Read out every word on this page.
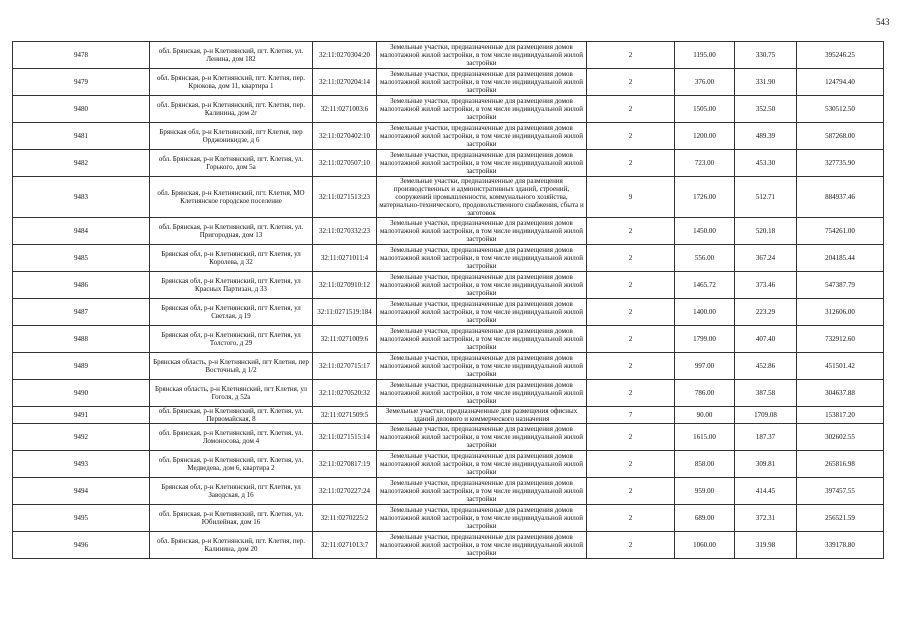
543
9478	обл. Брянская, р-н Клетнянский, пгт. Клетня, ул. Ленина, дом 182	32:11:0270304:20	Земельные участки, предназначенные для размещения домов малоэтажной жилой застройки, в том числе индивидуальной жилой застройки	2	1195.00	330.75	395246.25
9479	обл. Брянская, р-н Клетнянский, пгт. Клетня, пер. Крюкова, дом 11, квартира 1	32:11:0270204:14	Земельные участки, предназначенные для размещения домов малоэтажной жилой застройки, в том числе индивидуальной жилой застройки	2	376.00	331.90	124794.40
9480	обл. Брянская, р-н Клетнянский, пгт. Клетня, пер. Калинина, дом 2г	32:11:0271003:6	Земельные участки, предназначенные для размещения домов малоэтажной жилой застройки, в том числе индивидуальной жилой застройки	2	1505.00	352.50	530512.50
9481	Брянская обл, р-н Клетнянский, пгт Клетня, пер Орджоникидзе, д 6	32:11:0270402:10	Земельные участки, предназначенные для размещения домов малоэтажной жилой застройки, в том числе индивидуальной жилой застройки	2	1200.00	489.39	587268.00
9482	обл. Брянская, р-н Клетнянский, пгт. Клетня, ул. Горького, дом 5а	32:11:0270507:10	Земельные участки, предназначенные для размещения домов малоэтажной жилой застройки, в том числе индивидуальной жилой застройки	2	723.00	453.30	327735.90
9483	обл. Брянская, р-н Клетнянский, пгт. Клетня, МО Клетнянское городское поселение	32:11:0271513:23	Земельные участки, предназначенные для размещения производственных и административных зданий, строений, сооружений промышленности, коммунального хозяйства, материально-технического, продовольственного снабжения, сбыта и заготовок	9	1726.00	512.71	884937.46
9484	обл. Брянская, р-н Клетнянский, пгт. Клетня, ул. Пригородная, дом 13	32:11:0270332:23	Земельные участки, предназначенные для размещения домов малоэтажной жилой застройки, в том числе индивидуальной жилой застройки	2	1450.00	520.18	754261.00
9485	Брянская обл, р-н Клетнянский, пгт Клетня, ул Королева, д 32	32:11:0271011:4	Земельные участки, предназначенные для размещения домов малоэтажной жилой застройки, в том числе индивидуальной жилой застройки	2	556.00	367.24	204185.44
9486	Брянская обл, р-н Клетнянский, пгт Клетня, ул Красных Партизан, д 33	32:11:0270910:12	Земельные участки, предназначенные для размещения домов малоэтажной жилой застройки, в том числе индивидуальной жилой застройки	2	1465.72	373.46	547387.79
9487	Брянская обл, р-н Клетнянский, пгт Клетня, ул Светлая, д 19	32:11:0271519:184	Земельные участки, предназначенные для размещения домов малоэтажной жилой застройки, в том числе индивидуальной жилой застройки	2	1400.00	223.29	312606.00
9488	Брянская обл, р-н Клетнянский, пгт Клетня, ул Толстого, д 29	32:11:0271009:6	Земельные участки, предназначенные для размещения домов малоэтажной жилой застройки, в том числе индивидуальной жилой застройки	2	1799.00	407.40	732912.60
9489	Брянская область, р-н Клетнянский, пгт Клетня, пер Восточный, д 1/2	32:11:0270715:17	Земельные участки, предназначенные для размещения домов малоэтажной жилой застройки, в том числе индивидуальной жилой застройки	2	997.00	452.86	451501.42
9490	Брянская область, р-н Клетнянский, пгт Клетня, ул Гоголя, д 52а	32:11:0270520:32	Земельные участки, предназначенные для размещения домов малоэтажной жилой застройки, в том числе индивидуальной жилой застройки	2	786.00	387.58	304637.88
9491	обл. Брянская, р-н Клетнянский, пгт. Клетня, ул. Первомайская, 8	32:11:0271509:5	Земельные участки, предназначенные для размещения офисных зданий делового и коммерческого назначения	7	90.00	1709.08	153817.20
9492	обл. Брянская, р-н Клетнянский, пгт. Клетня, ул. Ломоносова, дом 4	32:11:0271515:14	Земельные участки, предназначенные для размещения домов малоэтажной жилой застройки, в том числе индивидуальной жилой застройки	2	1615.00	187.37	302602.55
9493	обл. Брянская, р-н Клетнянский, пгт. Клетня, ул. Медведева, дом 6, квартира 2	32:11:0270817:19	Земельные участки, предназначенные для размещения домов малоэтажной жилой застройки, в том числе индивидуальной жилой застройки	2	858.00	309.81	265816.98
9494	Брянская обл, р-н Клетнянский, пгт Клетня, ул Заводская, д 16	32:11:0270227:24	Земельные участки, предназначенные для размещения домов малоэтажной жилой застройки, в том числе индивидуальной жилой застройки	2	959.00	414.45	397457.55
9495	обл. Брянская, р-н Клетнянский, пгт. Клетня, ул. Юбилейная, дом 16	32:11:0270225:2	Земельные участки, предназначенные для размещения домов малоэтажной жилой застройки, в том числе индивидуальной жилой застройки	2	689.00	372.31	256521.59
9496	обл. Брянская, р-н Клетнянский, пгт. Клетня, пер. Калинина, дом 20	32:11:0271013:7	Земельные участки, предназначенные для размещения домов малоэтажной жилой застройки, в том числе индивидуальной жилой застройки	2	1060.00	319.98	339178.80
